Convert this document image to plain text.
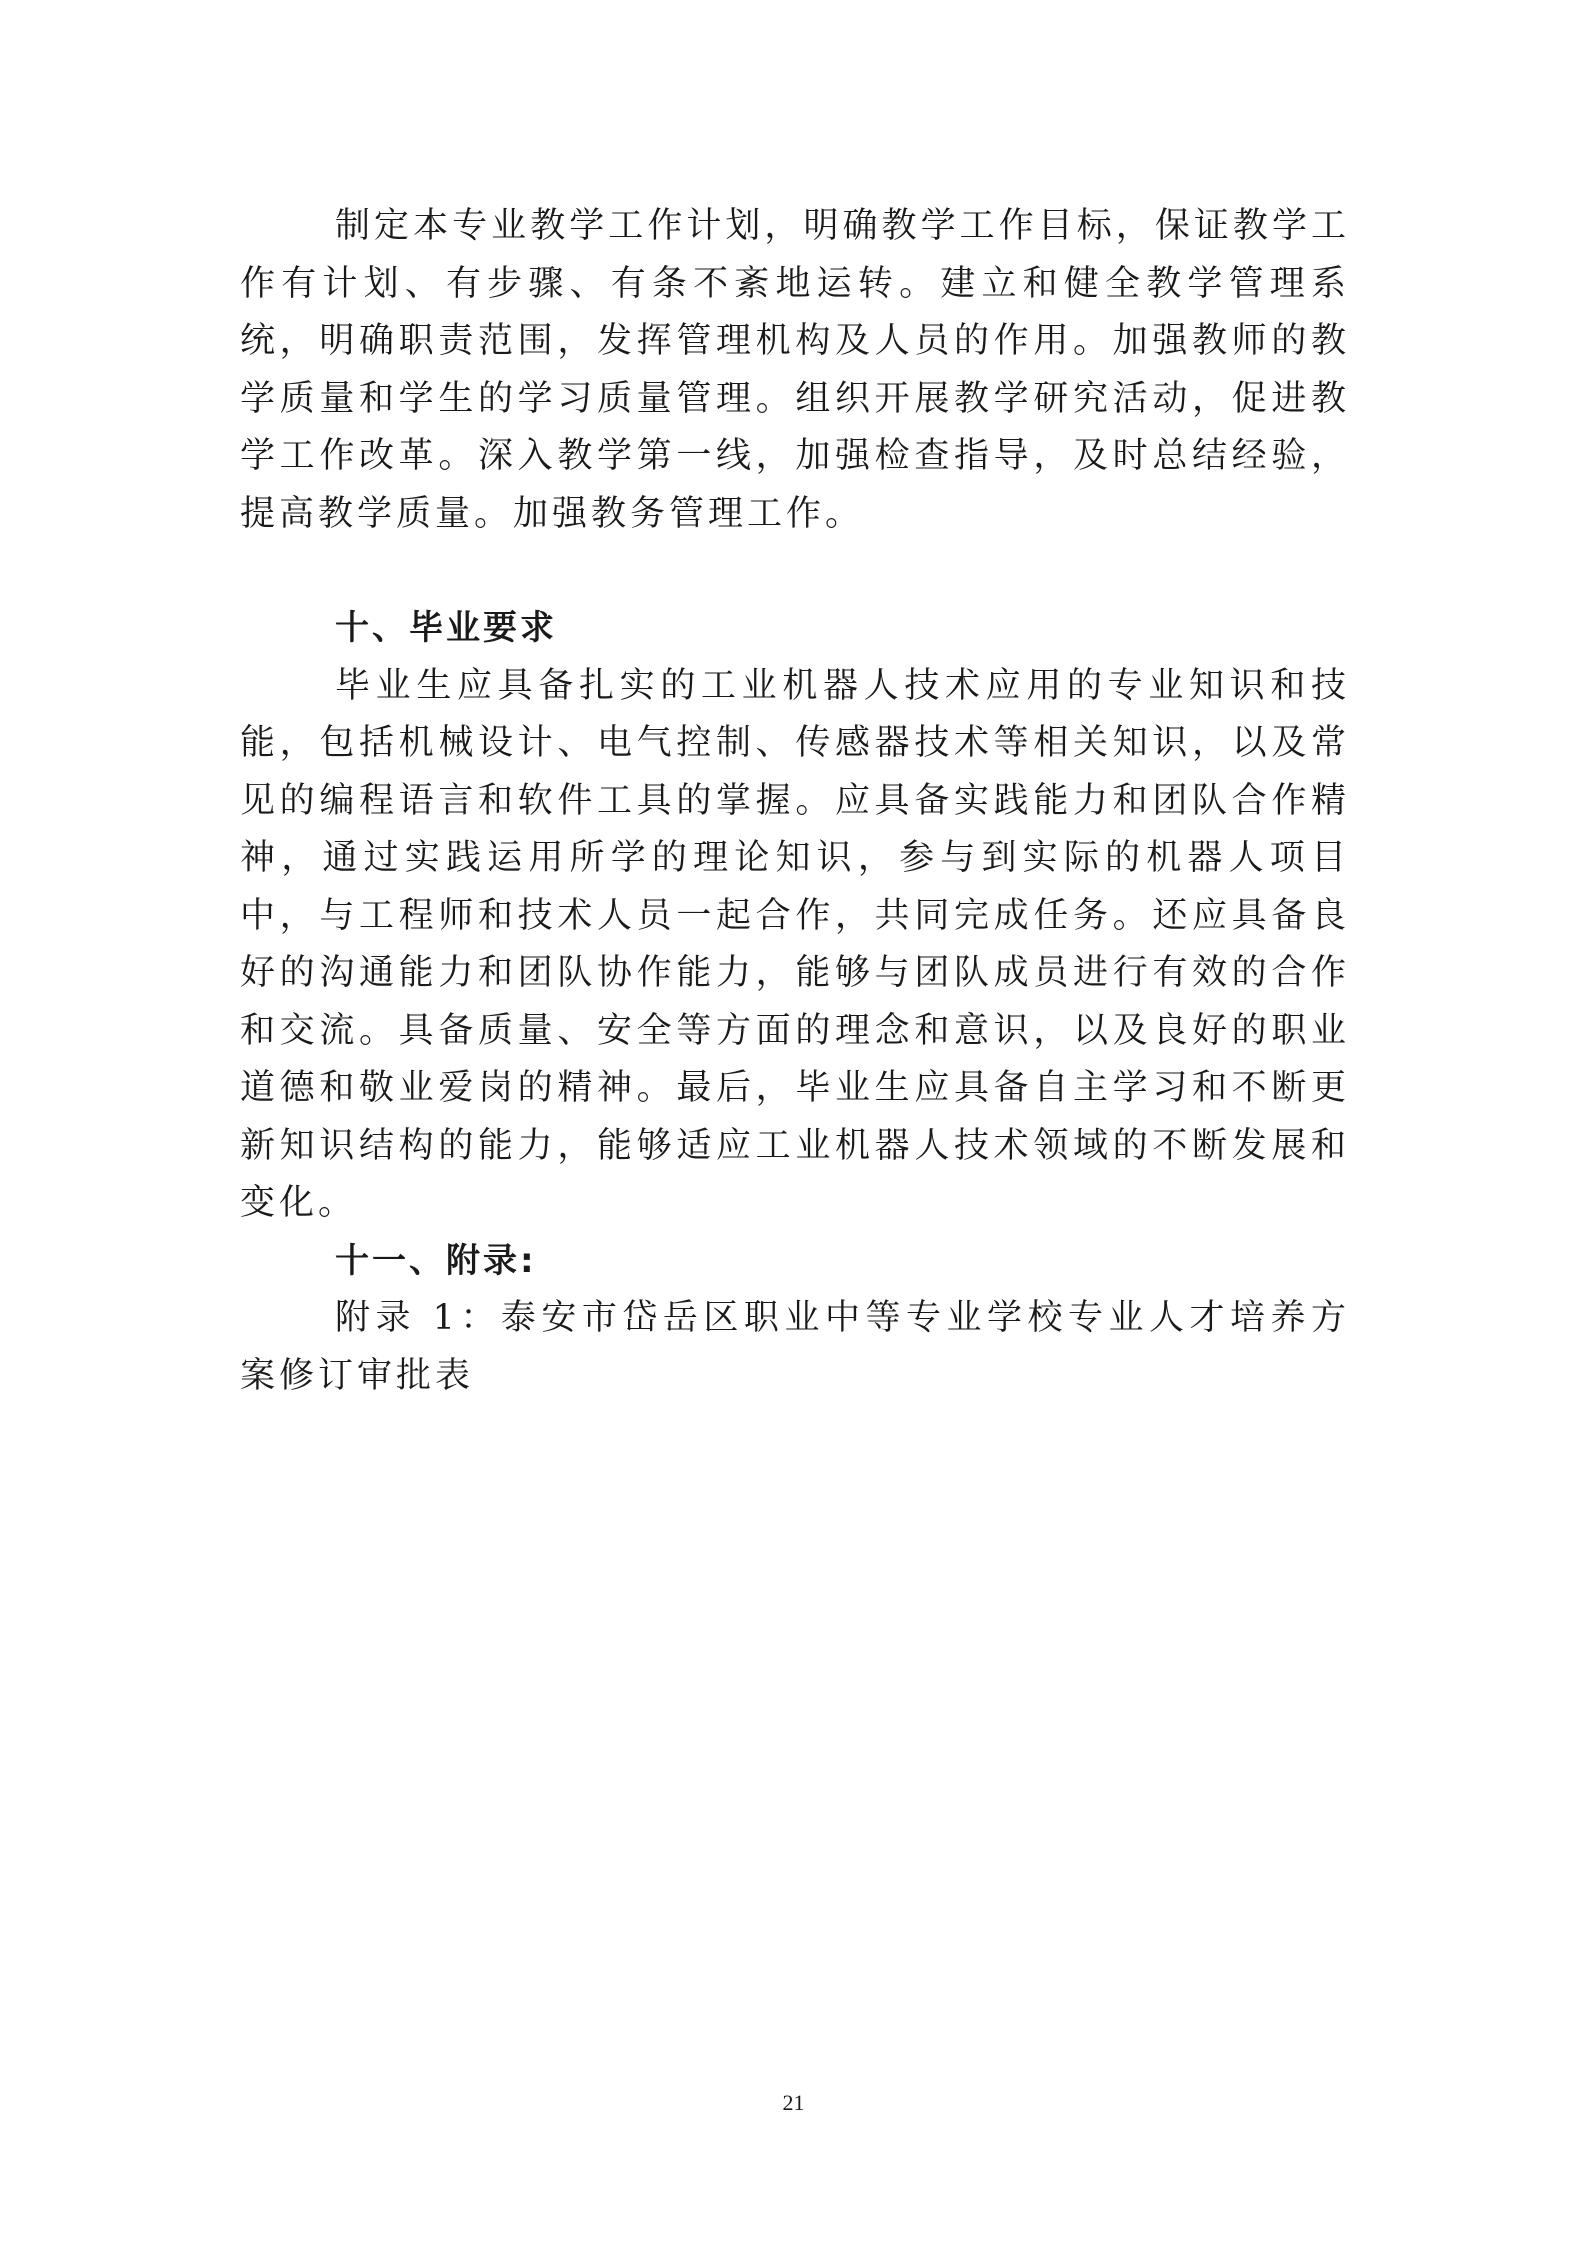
制定本专业教学工作计划，明确教学工作目标，保证教学工作有计划、有步骤、有条不紊地运转。建立和健全教学管理系统，明确职责范围，发挥管理机构及人员的作用。加强教师的教学质量和学生的学习质量管理。组织开展教学研究活动，促进教学工作改革。深入教学第一线，加强检查指导，及时总结经验，提高教学质量。加强教务管理工作。

十、毕业要求

毕业生应具备扎实的工业机器人技术应用的专业知识和技能，包括机械设计、电气控制、传感器技术等相关知识，以及常见的编程语言和软件工具的掌握。应具备实践能力和团队合作精神，通过实践运用所学的理论知识，参与到实际的机器人项目中，与工程师和技术人员一起合作，共同完成任务。还应具备良好的沟通能力和团队协作能力，能够与团队成员进行有效的合作和交流。具备质量、安全等方面的理念和意识，以及良好的职业道德和敬业爱岗的精神。最后，毕业生应具备自主学习和不断更新知识结构的能力，能够适应工业机器人技术领域的不断发展和变化。

十一、附录:

附录 1：泰安市岱岳区职业中等专业学校专业人才培养方案修订审批表

21
